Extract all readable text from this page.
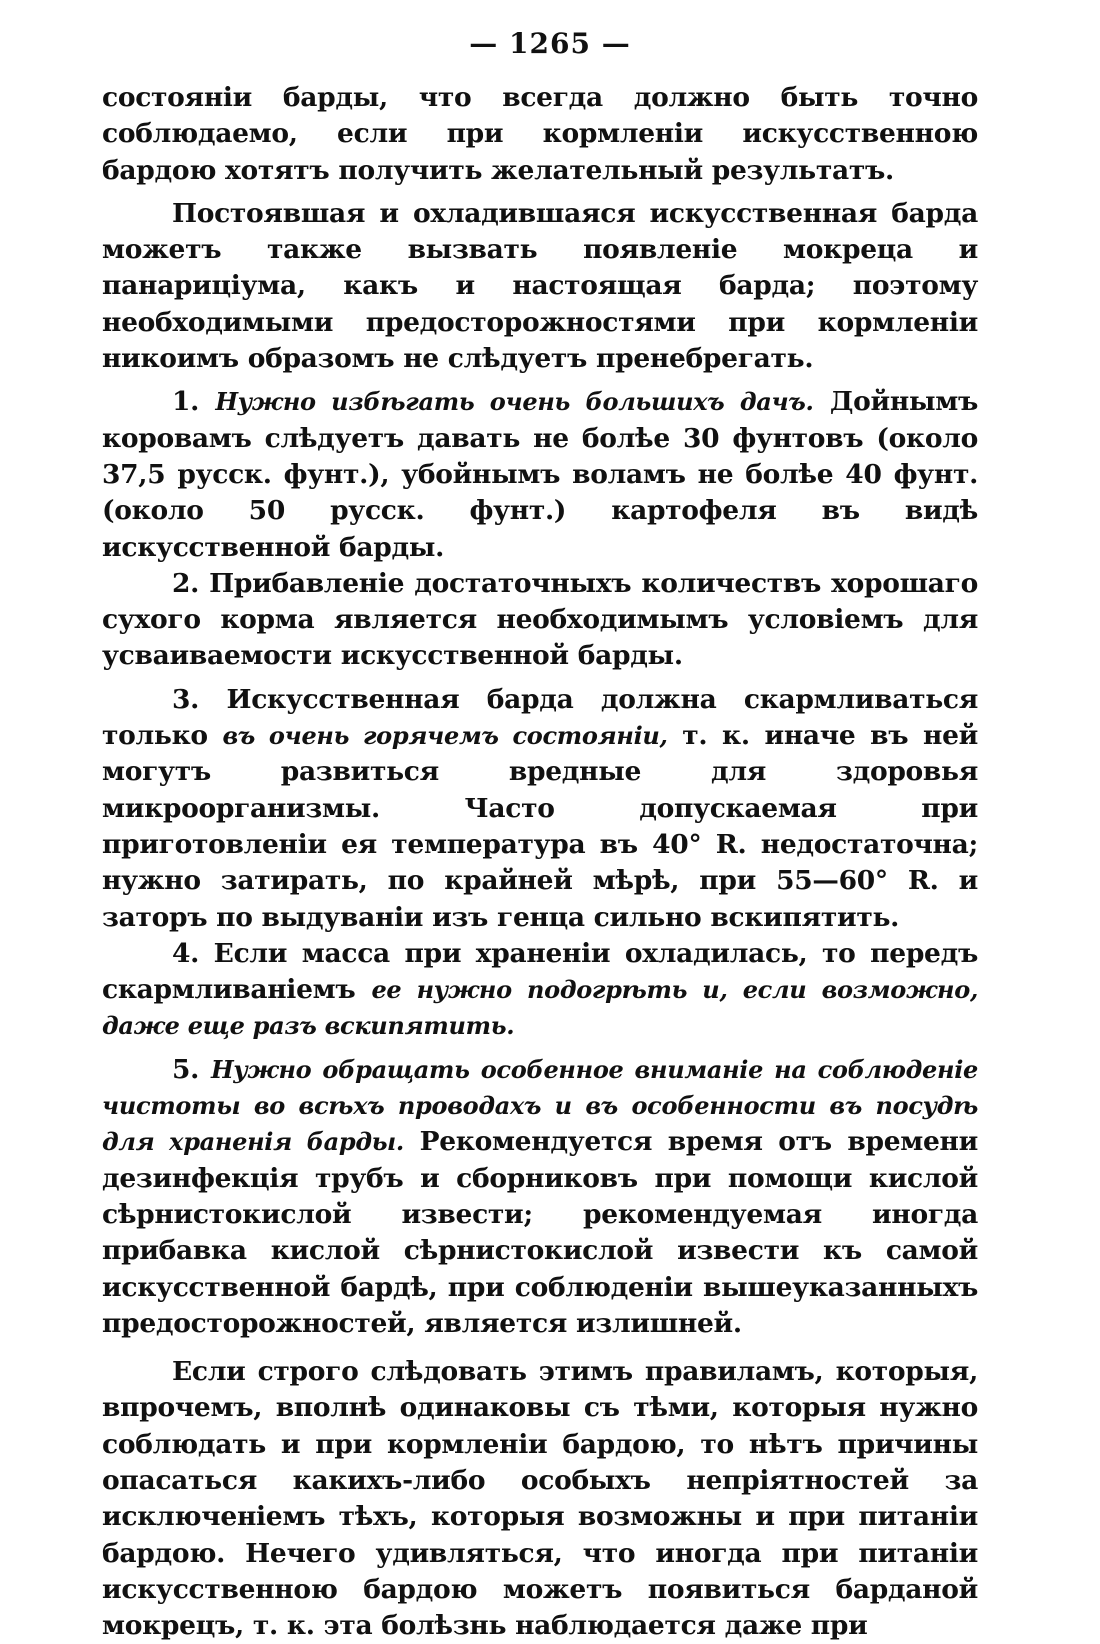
— 1265 —

состоянiи барды, что всегда должно быть точно соблюдаемо, если при кормленiи искусственною бардою хотятъ получить желательный результатъ.

Постоявшая и охладившаяся искусственная барда можетъ также вызвать появленiе мокреца и панарицiума, какъ и настоящая барда; поэтому необходимыми предосторожностями при кормленiи никоимъ образомъ не слѣдуетъ пренебрегать.

1. Нужно избѣгать очень большихъ дачъ. Дойнымъ коровамъ слѣдуетъ давать не болѣе 30 фунтовъ (около 37,5 русск. фунт.), убойнымъ воламъ не болѣе 40 фунт. (около 50 русск. фунт.) картофеля въ видѣ искусственной барды.

2. Прибавленiе достаточныхъ количествъ хорошаго сухого корма является необходимымъ условiемъ для усваиваемости искусственной барды.

3. Искусственная барда должна скармливаться только въ очень горячемъ состоянiи, т. к. иначе въ ней могутъ развиться вредные для здоровья микроорганизмы. Часто допускаемая при приготовленiи ея температура въ 40° R. недостаточна; нужно затирать, по крайней мѣрѣ, при 55—60° R. и заторъ по выдуванiи изъ генца сильно вскипятить.

4. Если масса при храненiи охладилась, то передъ скармливанiемъ ее нужно подогрѣть и, если возможно, даже еще разъ вскипятить.

5. Нужно обращать особенное вниманiе на соблюденiе чистоты во всѣхъ проводахъ и въ особенности въ посудѣ для храненiя барды. Рекомендуется время отъ времени дезинфекцiя трубъ и сборниковъ при помощи кислой сѣрнистокислой извести; рекомендуемая иногда прибавка кислой сѣрнистокислой извести къ самой искусственной бардѣ, при соблюденiи вышеуказанныхъ предосторожностей, является излишней.

Если строго слѣдовать этимъ правиламъ, которыя, впрочемъ, вполнѣ одинаковы съ тѣми, которыя нужно соблюдать и при кормленiи бардою, то нѣтъ причины опасаться какихъ-либо особыхъ непрiятностей за исключенiемъ тѣхъ, которыя возможны и при питанiи бардою. Нечего удивляться, что иногда при питанiи искусственною бардою можетъ появиться барданой мокрецъ, т. к. эта болѣзнь наблюдается даже при
